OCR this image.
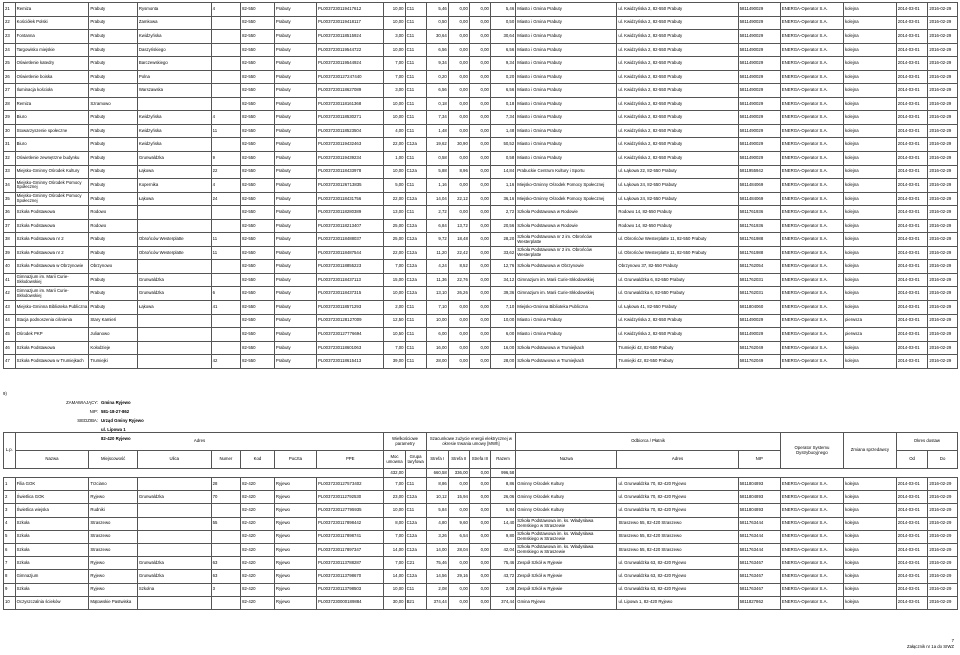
21	Remiza	Prabuty	Rysmonta	4	82-550	Prabuty	PL0037230119417612	10,00	C11	5,46	0,00	0,00	5,46	Miasto i Gmina Prabuty	ul. Kwidzyńska 2, 82-550 Prabuty	5811490029	ENERGA-Operator S.A.	kolejna	2014-03-01	2016-02-29
22	Kościółek Polski	Prabuty	Zamkowa		82-550	Prabuty	PL0037230119418117	10,00	C11	0,50	0,00	0,00	0,50	Miasto i Gmina Prabuty	ul. Kwidzyńska 2, 82-550 Prabuty	5811490029	ENERGA-Operator S.A.	kolejna	2014-03-01	2016-02-29
23	Fontanna	Prabuty	Kwidzyńska		82-550	Prabuty	PL0037230118515924	3,00	C11	30,64	0,00	0,00	30,64	Miasto i Gmina Prabuty	ul. Kwidzyńska 2, 82-550 Prabuty	5811490029	ENERGA-Operator S.A.	kolejna	2014-03-01	2016-02-29
24	Targowisko miejskie	Prabuty	Daszyńskiego		82-550	Prabuty	PL0037230119544722	10,00	C11	6,56	0,00	0,00	6,56	Miasto i Gmina Prabuty	ul. Kwidzyńska 2, 82-550 Prabuty	5811490029	ENERGA-Operator S.A.	kolejna	2014-03-01	2016-02-29
25	Oświetlenie katedry	Prabuty	Barczewskiego		82-550	Prabuty	PL0037230119544924	7,00	C11	9,34	0,00	0,00	9,34	Miasto i Gmina Prabuty	ul. Kwidzyńska 2, 82-550 Prabuty	5811490029	ENERGA-Operator S.A.	kolejna	2014-03-01	2016-02-29
26	Oświetlenie boiska	Prabuty	Polna		82-550	Prabuty	PL0037230127247440	7,00	C11	0,20	0,00	0,00	0,20	Miasto i Gmina Prabuty	ul. Kwidzyńska 2, 82-550 Prabuty	5811490029	ENERGA-Operator S.A.	kolejna	2014-03-01	2016-02-29
27	Iluminacja kościoła	Prabuty	Warszawska		82-550	Prabuty	PL0037230118627089	3,00	C11	6,56	0,00	0,00	6,56	Miasto i Gmina Prabuty	ul. Kwidzyńska 2, 82-550 Prabuty	5811490029	ENERGA-Operator S.A.	kolejna	2014-03-01	2016-02-29
28	Remiza	Szramowo			82-550	Prabuty	PL0037230118161368	10,00	C11	0,18	0,00	0,00	0,18	Miasto i Gmina Prabuty	ul. Kwidzyńska 2, 82-550 Prabuty	5811490029	ENERGA-Operator S.A.	kolejna	2014-03-01	2016-02-29
29	Biuro	Prabuty	Kwidzyńska	4	82-550	Prabuty	PL0037230118530271	10,00	C11	7,34	0,00	0,00	7,34	Miasto i Gmina Prabuty	ul. Kwidzyńska 2, 82-550 Prabuty	5811490029	ENERGA-Operator S.A.	kolejna	2014-03-01	2016-02-29
30	Stowarzyszenie społeczne	Prabuty	Kwidzyńska	11	82-550	Prabuty	PL0037230118523504	4,00	C11	1,48	0,00	0,00	1,48	Miasto i Gmina Prabuty	ul. Kwidzyńska 2, 82-550 Prabuty	5811490029	ENERGA-Operator S.A.	kolejna	2014-03-01	2016-02-29
31	Biuro	Prabuty	Kwidzyńska		82-550	Prabuty	PL0037230119432463	22,00	C12a	19,62	30,90	0,00	50,52	Miasto i Gmina Prabuty	ul. Kwidzyńska 2, 82-550 Prabuty	5811490029	ENERGA-Operator S.A.	kolejna	2014-03-01	2016-02-29
32	Oświetlenie zewnętrzne budynku	Prabuty	Grunwaldzka	9	82-550	Prabuty	PL0037230119439234	1,00	C11	0,58	0,00	0,00	0,58	Miasto i Gmina Prabuty	ul. Kwidzyńska 2, 82-550 Prabuty	5811490029	ENERGA-Operator S.A.	kolejna	2014-03-01	2016-02-29
33	Miejsko-Gminny Ośrodek Kultury	Prabuty	Łąkowa	22	82-550	Prabuty	PL0037230118433978	10,00	C12a	5,88	8,96	0,00	14,84	Prabuckie Centrum Kultury i Sportu	ul. Łąkowa 22, 82-550 Prabuty	5811955942	ENERGA-Operator S.A.	kolejna	2014-03-01	2016-02-29
34	Miejsko-Gminny Ośrodek Pomocy Społecznej	Prabuty	Kopernika	4	82-550	Prabuty	PL0037230126713835	5,00	C11	1,16	0,00	0,00	1,16	Miejsko-Gminny Ośrodek Pomocy Społecznej	ul. Łąkowa 24, 82-550 Prabuty	5811484069	ENERGA-Operator S.A.	kolejna	2014-03-01	2016-02-29
35	Miejsko-Gminny Ośrodek Pomocy Społecznej	Prabuty	Łąkowa	24	82-550	Prabuty	PL0037230118431756	22,00	C12a	14,04	22,12	0,00	36,16	Miejsko-Gminny Ośrodek Pomocy Społecznej	ul. Łąkowa 24, 82-550 Prabuty	5811484069	ENERGA-Operator S.A.	kolejna	2014-03-01	2016-02-29
36	Szkoła Podstawowa	Rodowo			82-550	Prabuty	PL0037230118280389	13,00	C11	2,72	0,00	0,00	2,72	Szkoła Podstawowa w Rodowie	Rodowo 14, 82-550 Prabuty	5811761936	ENERGA-Operator S.A.	kolejna	2014-03-01	2016-02-29
37	Szkoła Podstawowa	Rodowo			82-550	Prabuty	PL0037230118213407	25,00	C12a	6,84	13,72	0,00	20,56	Szkoła Podstawowa w Rodowie	Rodowo 14, 82-550 Prabuty	5811761936	ENERGA-Operator S.A.	kolejna	2014-03-01	2016-02-29
38	Szkoła Podstawowa nr 2	Prabuty	Obrońców Westerplatte	11	82-550	Prabuty	PL0037230118488037	25,00	C12a	9,72	18,48	0,00	28,20	Szkoła Podstawowa nr 2 im. Obrońców Westerplatte	ul. Obrońców Westerplatte 11, 82-550 Prabuty	5811761988	ENERGA-Operator S.A.	kolejna	2014-03-01	2016-02-29
39	Szkoła Podstawowa nr 2	Prabuty	Obrońców Westerplatte	11	82-550	Prabuty	PL0037230118487544	22,00	C12a	11,20	22,42	0,00	33,62	Szkoła Podstawowa nr 2 im. Obrońców Westerplatte	ul. Obrońców Westerplatte 11, 82-550 Prabuty	5811761988	ENERGA-Operator S.A.	kolejna	2014-03-01	2016-02-29
40	Szkoła Podstawowa w Obrzynowie	Obrzynowo			82-550	Prabuty	PL0037230118855223	7,00	C12a	4,24	8,52	0,00	12,76	Szkoła Podstawowa w Obrzynowie	Obrzynowo 37, 82-550 Prabuty	5811762054	ENERGA-Operator S.A.	kolejna	2014-03-01	2016-02-29
41	Gimnazjum im. Marii Curie-Skłodowskiej	Prabuty	Grunwaldzka		82-550	Prabuty	PL0037230118437113	15,00	C12a	11,36	22,76	0,00	34,12	Gimnazjum im. Marii Curie-Skłodowskiej	ul. Grunwaldzka 6, 82-550 Prabuty	5811762031	ENERGA-Operator S.A.	kolejna	2014-03-01	2016-02-29
42	Gimnazjum im. Marii Curie-Skłodowskiej	Prabuty	Grunwaldzka	6	82-550	Prabuty	PL0037230118437315	10,00	C12a	13,10	26,26	0,00	39,36	Gimnazjum im. Marii Curie-Skłodowskiej	ul. Grunwaldzka 6, 82-550 Prabuty	5811762031	ENERGA-Operator S.A.	kolejna	2014-03-01	2016-02-29
43	Miejsko-Gminna Biblioteka Publiczna	Prabuty	Łąkowa	41	82-550	Prabuty	PL0037230118571293	2,00	C11	7,10	0,00	0,00	7,10	Miejsko-Gminna Biblioteka Publiczna	ul. Łąkowa 41, 82-550 Prabuty	5811804060	ENERGA-Operator S.A.	kolejna	2014-03-01	2016-02-29
44	Stacja podnoszenia ciśnienia	Stary Kamień			82-550	Prabuty	PL0037230128127009	12,50	C11	10,00	0,00	0,00	10,00	Miasto i Gmina Prabuty	ul. Kwidzyńska 2, 82-550 Prabuty	5811490029	ENERGA-Operator S.A.	pierwsza	2014-03-01	2016-02-29
45	Ośrodek PKP	Julianowo			82-550	Prabuty	PL0037230127776694	10,50	C11	6,00	0,00	0,00	6,00	Miasto i Gmina Prabuty	ul. Kwidzyńska 2, 82-550 Prabuty	5811490029	ENERGA-Operator S.A.	pierwsza	2014-03-01	2016-02-29
46	Szkoła Podstawowa	Kołodzieje			82-550	Prabuty	PL0037230118601063	7,00	C11	16,00	0,00	0,00	16,00	Szkoła Podstawowa w Trumiejkach	Trumiejki 42, 82-550 Prabuty	5811762049	ENERGA-Operator S.A.	kolejna	2014-03-01	2016-02-29
47	Szkoła Podstawowa w Trumiejkach	Trumiejki		42	82-550	Prabuty	PL0037230118615413	39,00	C11	28,00	0,00	0,00	28,00	Szkoła Podstawowa w Trumiejkach	Trumiejki 42, 82-550 Prabuty	5811762049	ENERGA-Operator S.A.	kolejna	2014-03-01	2016-02-29
9)
ZAMAWIAJĄCY: Gmina Ryjewo
NIP: 581-18-27-862
SIEDZIBA: Urząd Gminy Ryjewo
ul. Lipowa 1
82-420 Ryjewo
L.p.	Adres							Wielkościowe parametry		Szacunkowe zużycie energii elektrycznej w okresie trwania umowy [MWh]				Odbiorca / Płatnik			Operator Systemu Dystrybucyjnego	Zmiana sprzedawcy	Okres dostaw	
	Nazwa	Miejscowość	Ulica	Numer	Kod	Poczta	PPE	Moc umowna	Grupa taryfowa	Strefa I	Strefa II	Strefa III	Razem	Nazwa	Adres	NIP			Od	Do
								432,00		660,58	336,00	0,00	996,58							
1	Filia GOK	Trzciano		28	82-420	Ryjewo	PL0037230127573402	7,00	C11	8,86	0,00	0,00	8,86	Gminny Ośrodek Kultury	ul. Grunwaldzka 70, 82-420 Ryjewo	5811804893	ENERGA-Operator S.A.	kolejna	2014-03-01	2016-02-29
2	Świetlica GOK	Ryjewo	Grunwaldzka	70	82-420	Ryjewo	PL0037230112792530	23,00	C12a	10,12	15,94	0,00	26,06	Gminny Ośrodek Kultury	ul. Grunwaldzka 70, 82-420 Ryjewo	5811804893	ENERGA-Operator S.A.	kolejna	2014-03-01	2016-02-29
3	Świetlica wiejska	Rudniki			82-420	Ryjewo	PL0037230127795935	10,00	C11	5,84	0,00	0,00	5,84	Gminny Ośrodek Kultury	ul. Grunwaldzka 70, 82-420 Ryjewo	5811804893	ENERGA-Operator S.A.	kolejna	2014-03-01	2016-02-29
4	Szkoła	Straszewo		55	82-420	Ryjewo	PL0037230117898442	8,00	C12a	4,80	9,60	0,00	14,40	Szkoła Podstawowa im. ks. Władysława Demskiego w Straszewie	Straszewo 55, 82-420 Straszewo	5811763444	ENERGA-Operator S.A.	kolejna	2014-03-01	2016-02-29
5	Szkoła	Straszewo			82-420	Ryjewo	PL0037230117898741	7,00	C12a	3,26	6,54	0,00	9,80	Szkoła Podstawowa im. ks. Władysława Demskiego w Straszewie	Straszewo 55, 82-420 Straszewo	5811763444	ENERGA-Operator S.A.	kolejna	2014-03-01	2016-02-29
6	Szkoła	Straszewo			82-420	Ryjewo	PL0037230117897347	14,00	C12a	14,00	28,04	0,00	42,04	Szkoła Podstawowa im. ks. Władysława Demskiego w Straszewie	Straszewo 55, 82-420 Straszewo	5811763444	ENERGA-Operator S.A.	kolejna	2014-03-01	2016-02-29
7	Szkoła	Ryjewo	Grunwaldzka	63	82-420	Ryjewo	PL0037230113788287	7,00	C21	75,46	0,00	0,00	75,46	Zespół Szkół w Ryjewie	ul. Grunwaldzka 63, 82-420 Ryjewo	5811763467	ENERGA-Operator S.A.	kolejna	2014-03-01	2016-02-29
8	Gimnazjum	Ryjewo	Grunwaldzka	63	82-420	Ryjewo	PL0037230113798670	14,00	C12a	14,56	29,16	0,00	43,72	Zespół Szkół w Ryjewie	ul. Grunwaldzka 63, 82-420 Ryjewo	5811763467	ENERGA-Operator S.A.	kolejna	2014-03-01	2016-02-29
9	Szkoła	Ryjewo	Szkolna	3	82-420	Ryjewo	PL0037230113798503	10,00	C11	2,08	0,00	0,00	2,08	Zespół Szkół w Ryjewie	ul. Grunwaldzka 63, 82-420 Ryjewo	5811763467	ENERGA-Operator S.A.	kolejna	2014-03-01	2016-02-29
10	Oczyszczalnia ścieków	Mątowskie Pastwiska			82-420	Ryjewo	PL0037230000189884	30,00	B21	374,44	0,00	0,00	374,44	Gmina Ryjewo	ul. Lipowa 1, 82-420 Ryjewo	5811827862	ENERGA-Operator S.A.	kolejna	2014-03-01	2016-02-29
7
Załącznik nr 1a do SIWZ
